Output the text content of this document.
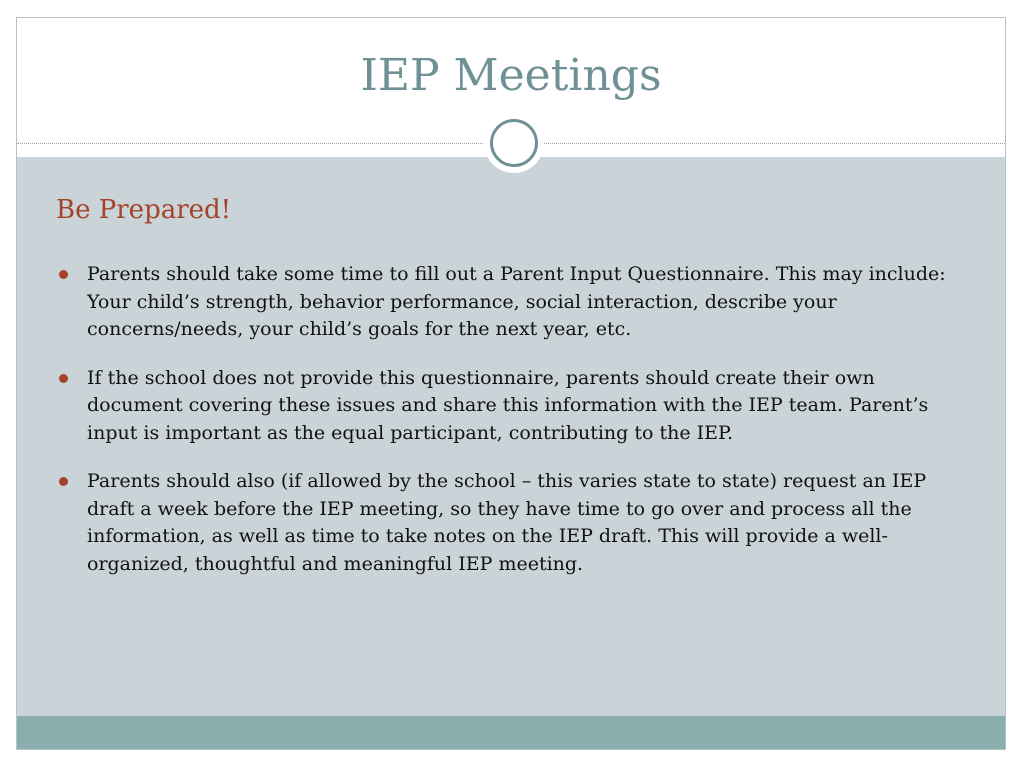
IEP Meetings
Be Prepared!
Parents should take some time to fill out a Parent Input Questionnaire. This may include: Your child’s strength, behavior performance, social interaction, describe your concerns/needs, your child’s goals for the next year, etc.
If the school does not provide this questionnaire, parents should create their own document covering these issues and share this information with the IEP team. Parent’s input is important as the equal participant, contributing to the IEP.
Parents should also (if allowed by the school – this varies state to state) request an IEP draft a week before the IEP meeting, so they have time to go over and process all the information, as well as time to take notes on the IEP draft. This will provide a well-organized, thoughtful and meaningful IEP meeting.
